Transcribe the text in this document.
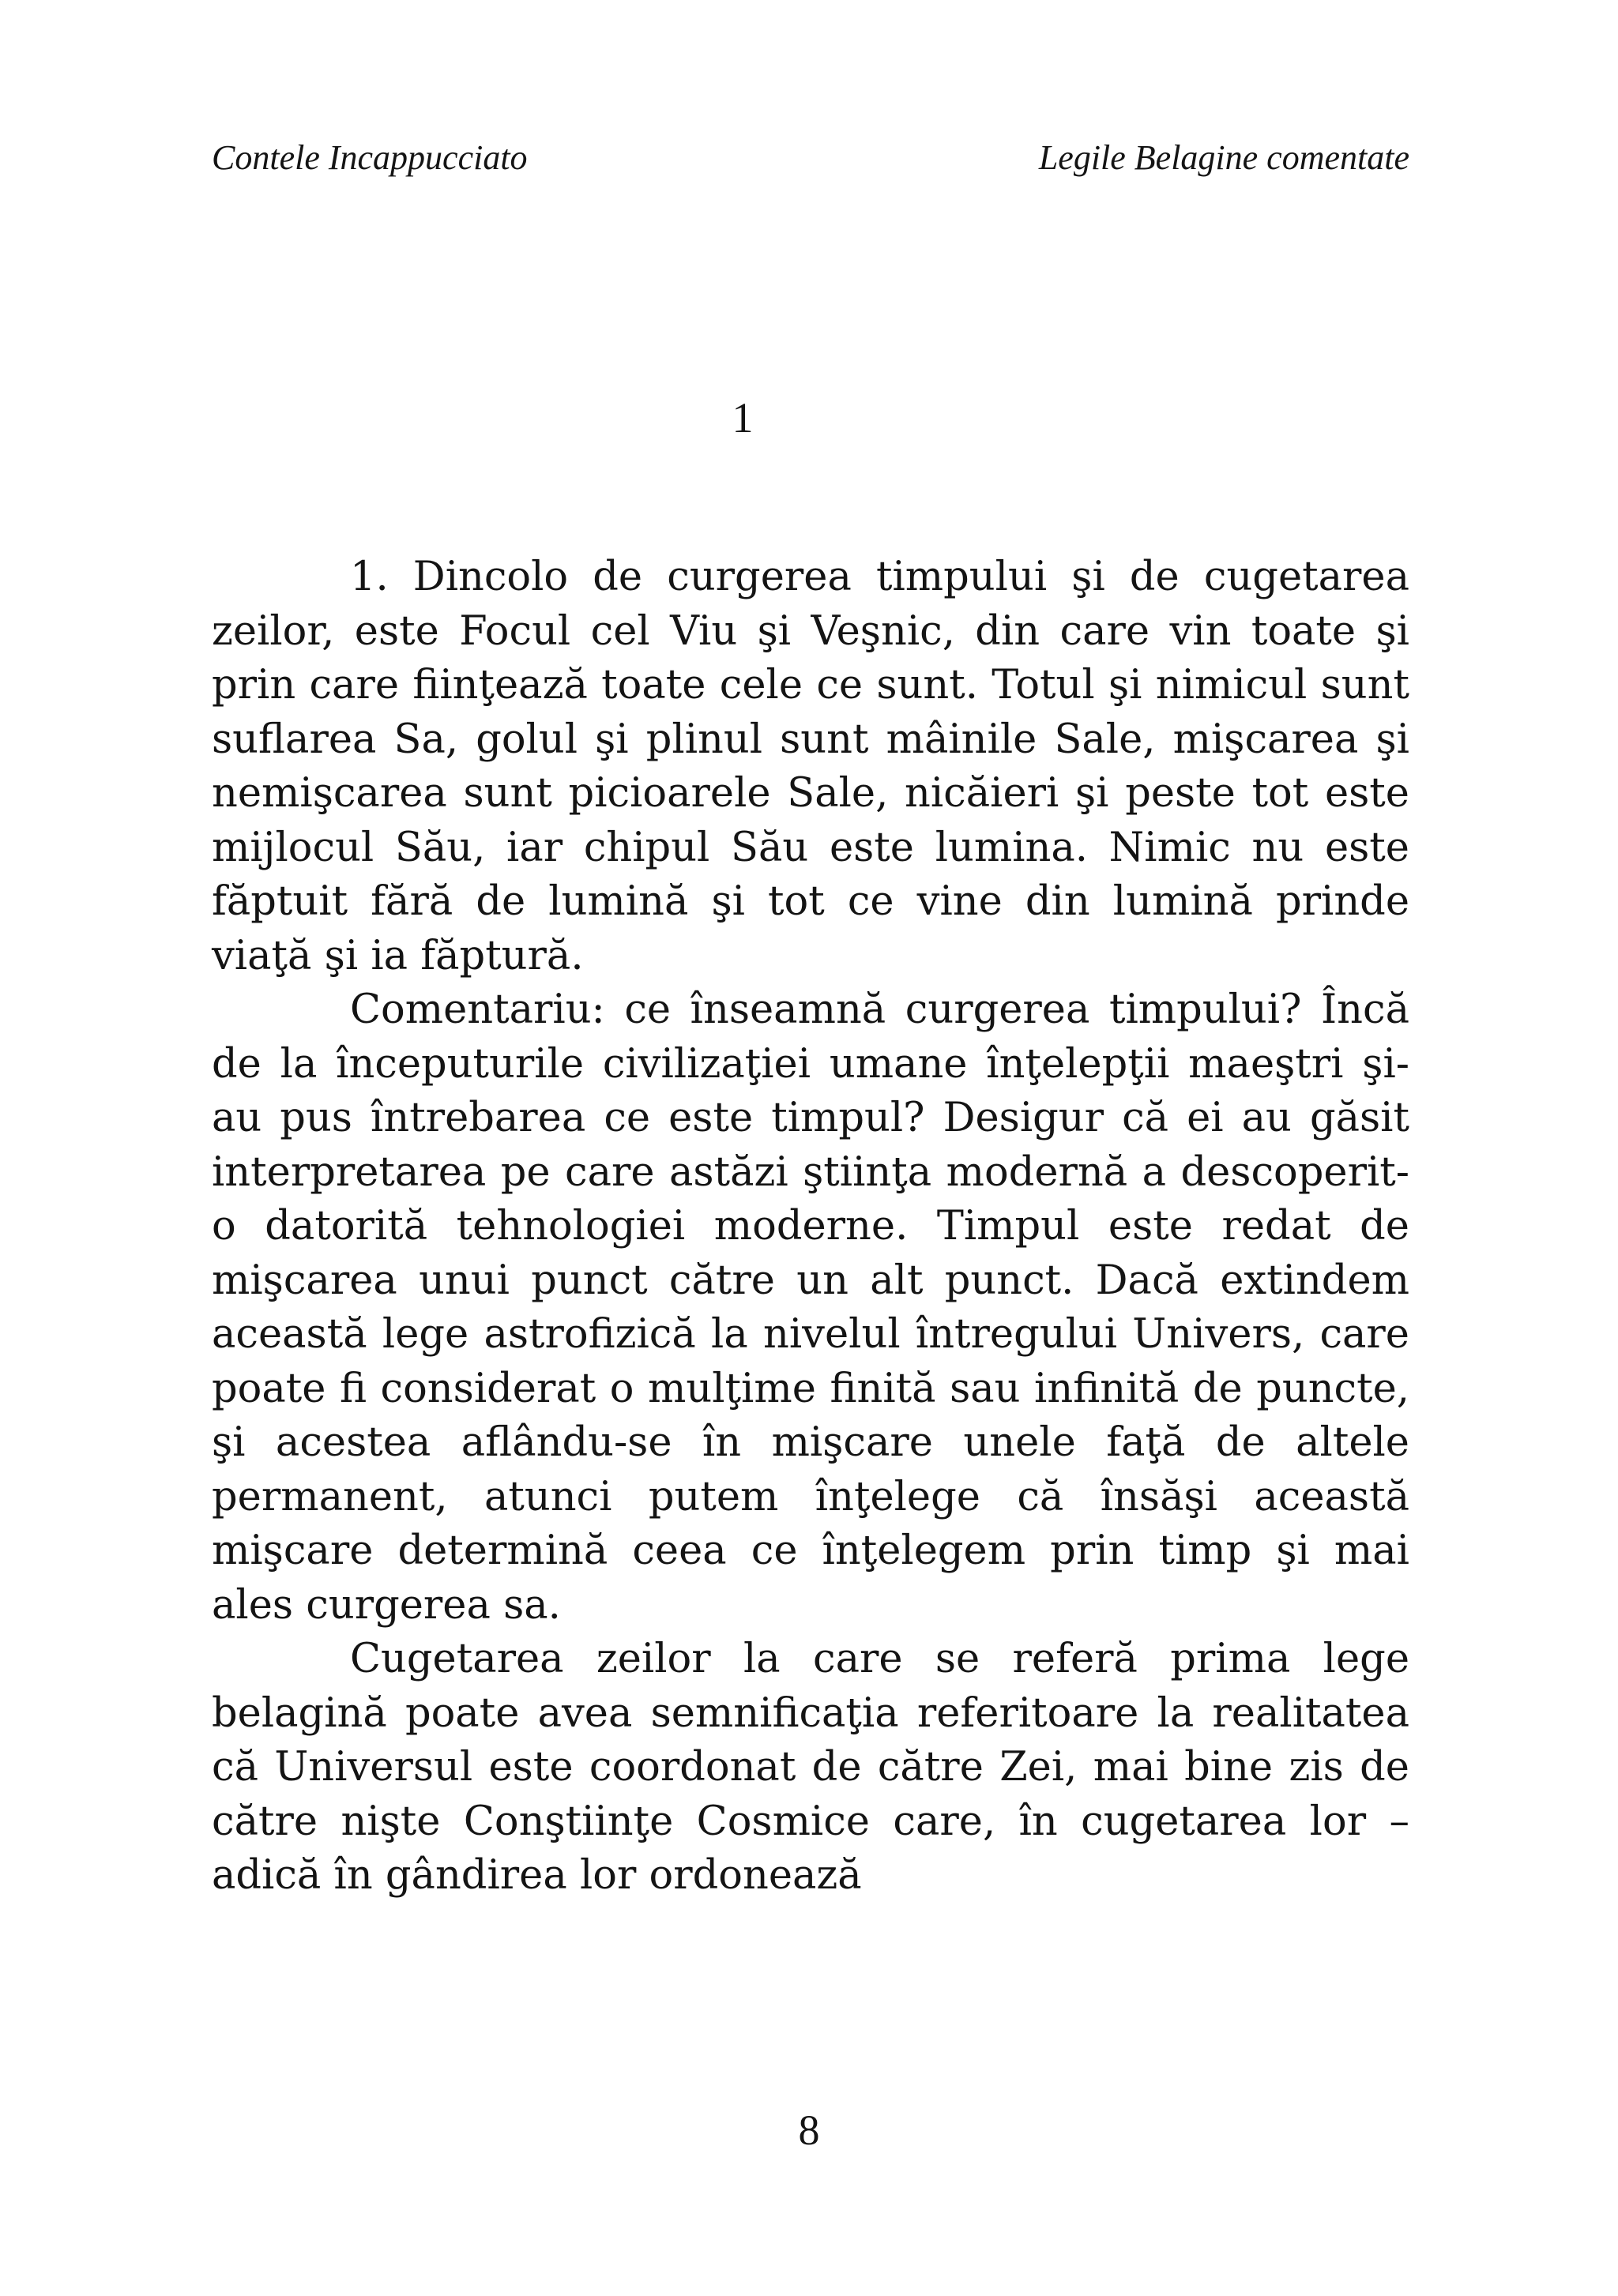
Contele Incappucciato	Legile Belagine comentate
1

1. Dincolo de curgerea timpului şi de cugetarea zeilor, este Focul cel Viu şi Veşnic, din care vin toate şi prin care fiinţează toate cele ce sunt. Totul şi nimicul sunt suflarea Sa, golul şi plinul sunt mâinile Sale, mişcarea şi nemişcarea sunt picioarele Sale, nicăieri şi peste tot este mijlocul Său, iar chipul Său este lumina. Nimic nu este făptuit fără de lumină şi tot ce vine din lumină prinde viaţă şi ia făptură.

Comentariu: ce înseamnă curgerea timpului? Încă de la începuturile civilizaţiei umane înţelepţii maeştri şi-au pus întrebarea ce este timpul? Desigur că ei au găsit interpretarea pe care astăzi ştiinţa modernă a descoperit-o datorită tehnologiei moderne. Timpul este redat de mişcarea unui punct către un alt punct. Dacă extindem această lege astrofizică la nivelul întregului Univers, care poate fi considerat o mulţime finită sau infinită de puncte, şi acestea aflându-se în mişcare unele faţă de altele permanent, atunci putem înţelege că însăşi această mişcare determină ceea ce înţelegem prin timp şi mai ales curgerea sa.

Cugetarea zeilor la care se referă prima lege belagină poate avea semnificaţia referitoare la realitatea că Universul este coordonat de către Zei, mai bine zis de către nişte Conştiinţe Cosmice care, în cugetarea lor – adică în gândirea lor ordonează

8
